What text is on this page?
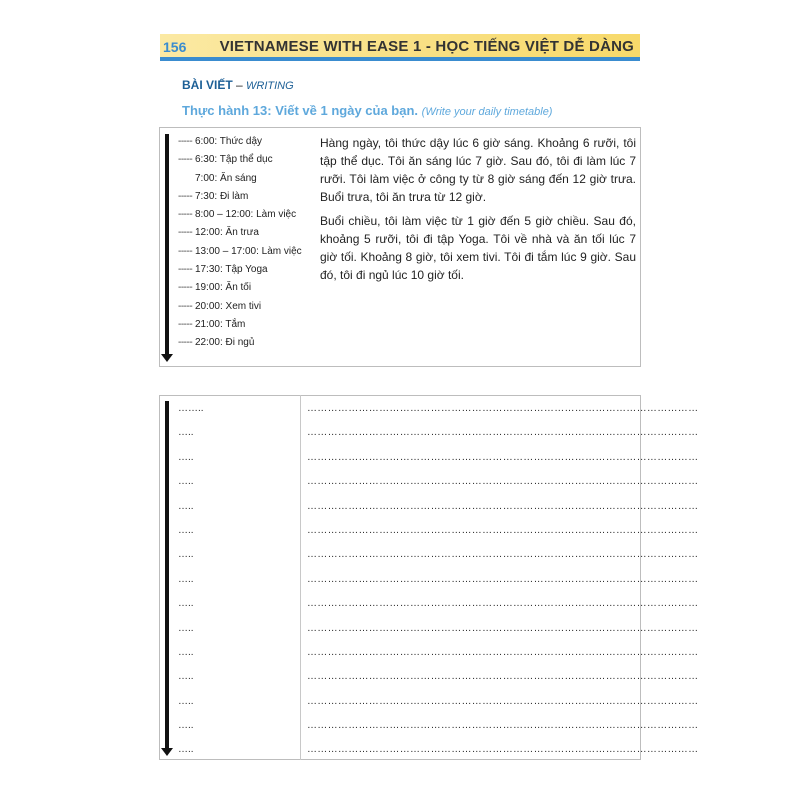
156 VIETNAMESE WITH EASE 1 - HỌC TIẾNG VIỆT DỄ DÀNG
BÀI VIẾT – WRITING
Thực hành 13: Viết về 1 ngày của bạn. (Write your daily timetable)
----- 6:00: Thức dậy
----- 6:30: Tập thể dục
7:00: Ăn sáng
----- 7:30: Đi làm
----- 8:00 – 12:00: Làm việc
----- 12:00: Ăn trưa
----- 13:00 – 17:00: Làm việc
----- 17:30: Tập Yoga
----- 19:00: Ăn tối
----- 20:00: Xem tivi
----- 21:00: Tắm
----- 22:00: Đi ngủ

Hàng ngày, tôi thức dậy lúc 6 giờ sáng. Khoảng 6 rưỡi, tôi tập thể dục. Tôi ăn sáng lúc 7 giờ. Sau đó, tôi đi làm lúc 7 rưỡi. Tôi làm việc ở công ty từ 8 giờ sáng đến 12 giờ trưa. Buổi trưa, tôi ăn trưa từ 12 giờ.

Buổi chiều, tôi làm việc từ 1 giờ đến 5 giờ chiều. Sau đó, khoảng 5 rưỡi, tôi đi tập Yoga. Tôi về nhà và ăn tối lúc 7 giờ tối. Khoảng 8 giờ, tôi xem tivi. Tôi đi tắm lúc 9 giờ. Sau đó, tôi đi ngủ lúc 10 giờ tối.

……..
…..
…..
…..
…..
…..
…..
…..
…..
…..
…..
…..
…..
…..
…..
……………………………………………………………………………………………………
……………………………………………………………………………………………………
……………………………………………………………………………………………………
……………………………………………………………………………………………………
……………………………………………………………………………………………………
……………………………………………………………………………………………………
……………………………………………………………………………………………………
……………………………………………………………………………………………………
……………………………………………………………………………………………………
……………………………………………………………………………………………………
……………………………………………………………………………………………………
……………………………………………………………………………………………………
……………………………………………………………………………………………………
……………………………………………………………………………………………………
……………………………………………………………………………………………………
